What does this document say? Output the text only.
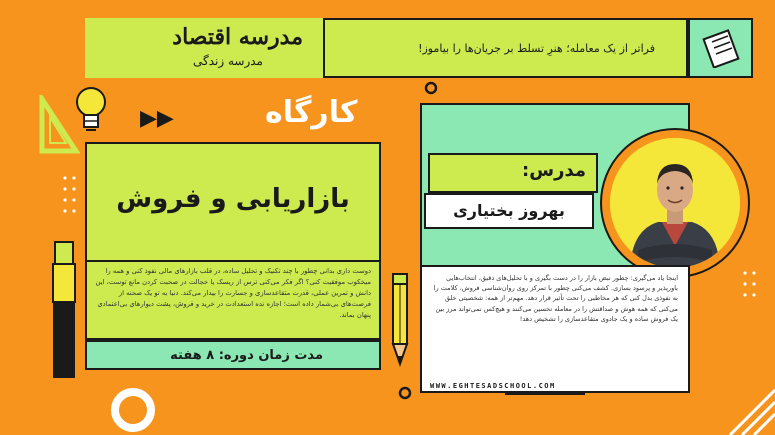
مدرسه اقتصاد
مدرسه زندگی
فراتر از یک معامله؛ هنرِ تسلط بر جریان‌ها را بیاموز!
▶▶	کارگاه
بازاریابی و فروش

دوست داری بدانی چطور با چند تکنیک و تحلیل ساده، در قلب بازارهای مالی نفوذ کنی و همه را میخکوب موفقیت کنی؟ اگر فکر می‌کنی ترس از ریسک یا خجالت در صحبت کردن مانع توست، این دانش و تمرین عملی، قدرت متقاعدسازی و جسارت را بیدار می‌کند. دنیا به تو یک صحنه از فرصت‌های بی‌شمار داده است؛ اجازه نده استعدادت در خرید و فروش، پشت دیوارهای بی‌اعتمادی پنهان بماند.

مدت زمان دوره: ۸ هفته
مدرس:
بهروز بختیاری

اینجا یاد می‌گیری: چطور نبض بازار را در دست بگیری و با تحلیل‌های دقیق، انتخاب‌هایی باورپذیر و پرسود بسازی. کشف می‌کنی چطور با تمرکز روی روان‌شناسی فروش، کلامت را به نفوذی بدل کنی که هر مخاطبی را تحت تأثیر قرار دهد. مهم‌تر از همه: شخصیتی خلق می‌کنی که همه هوش و صداقتش را در معامله تحسین می‌کنند و هیچ‌کس نمی‌تواند مرز بین یک فروش ساده و یک جادوی متقاعدسازی را تشخیص دهد!

WWW.EGHTESADSCHOOL.COM
